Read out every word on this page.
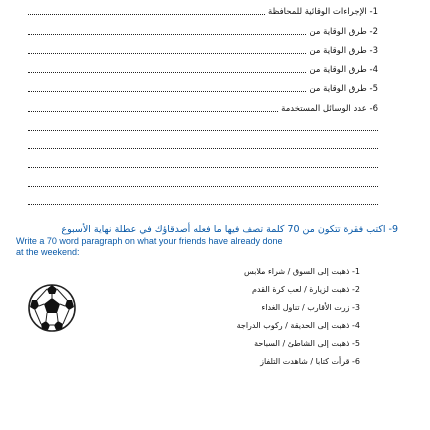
1- الإجراءات الوقائية للمحافظة
2- طرق الوقاية من
3- طرق الوقاية من
4- طرق الوقاية من
5- طرق الوقاية من
6- عدد الوسائل المستخدمة
9- اكتب فقرة تتكون من 70 كلمة تصف فيها ما فعله أصدقاؤك في عطلة نهاية الأسبوع
Write a 70 word paragraph on what your friends have already done at the weekend:
1- ذهبت إلى السوق / شراء ملابس
2- ذهبت لزيارة / لعب كرة القدم
3- زرت الأقارب / تناول الغداء
4- ذهبت إلى الحديقة / ركوب الدراجة
5- ذهبت إلى الشاطئ / السباحة
6- قرأت كتابا / شاهدت التلفاز
